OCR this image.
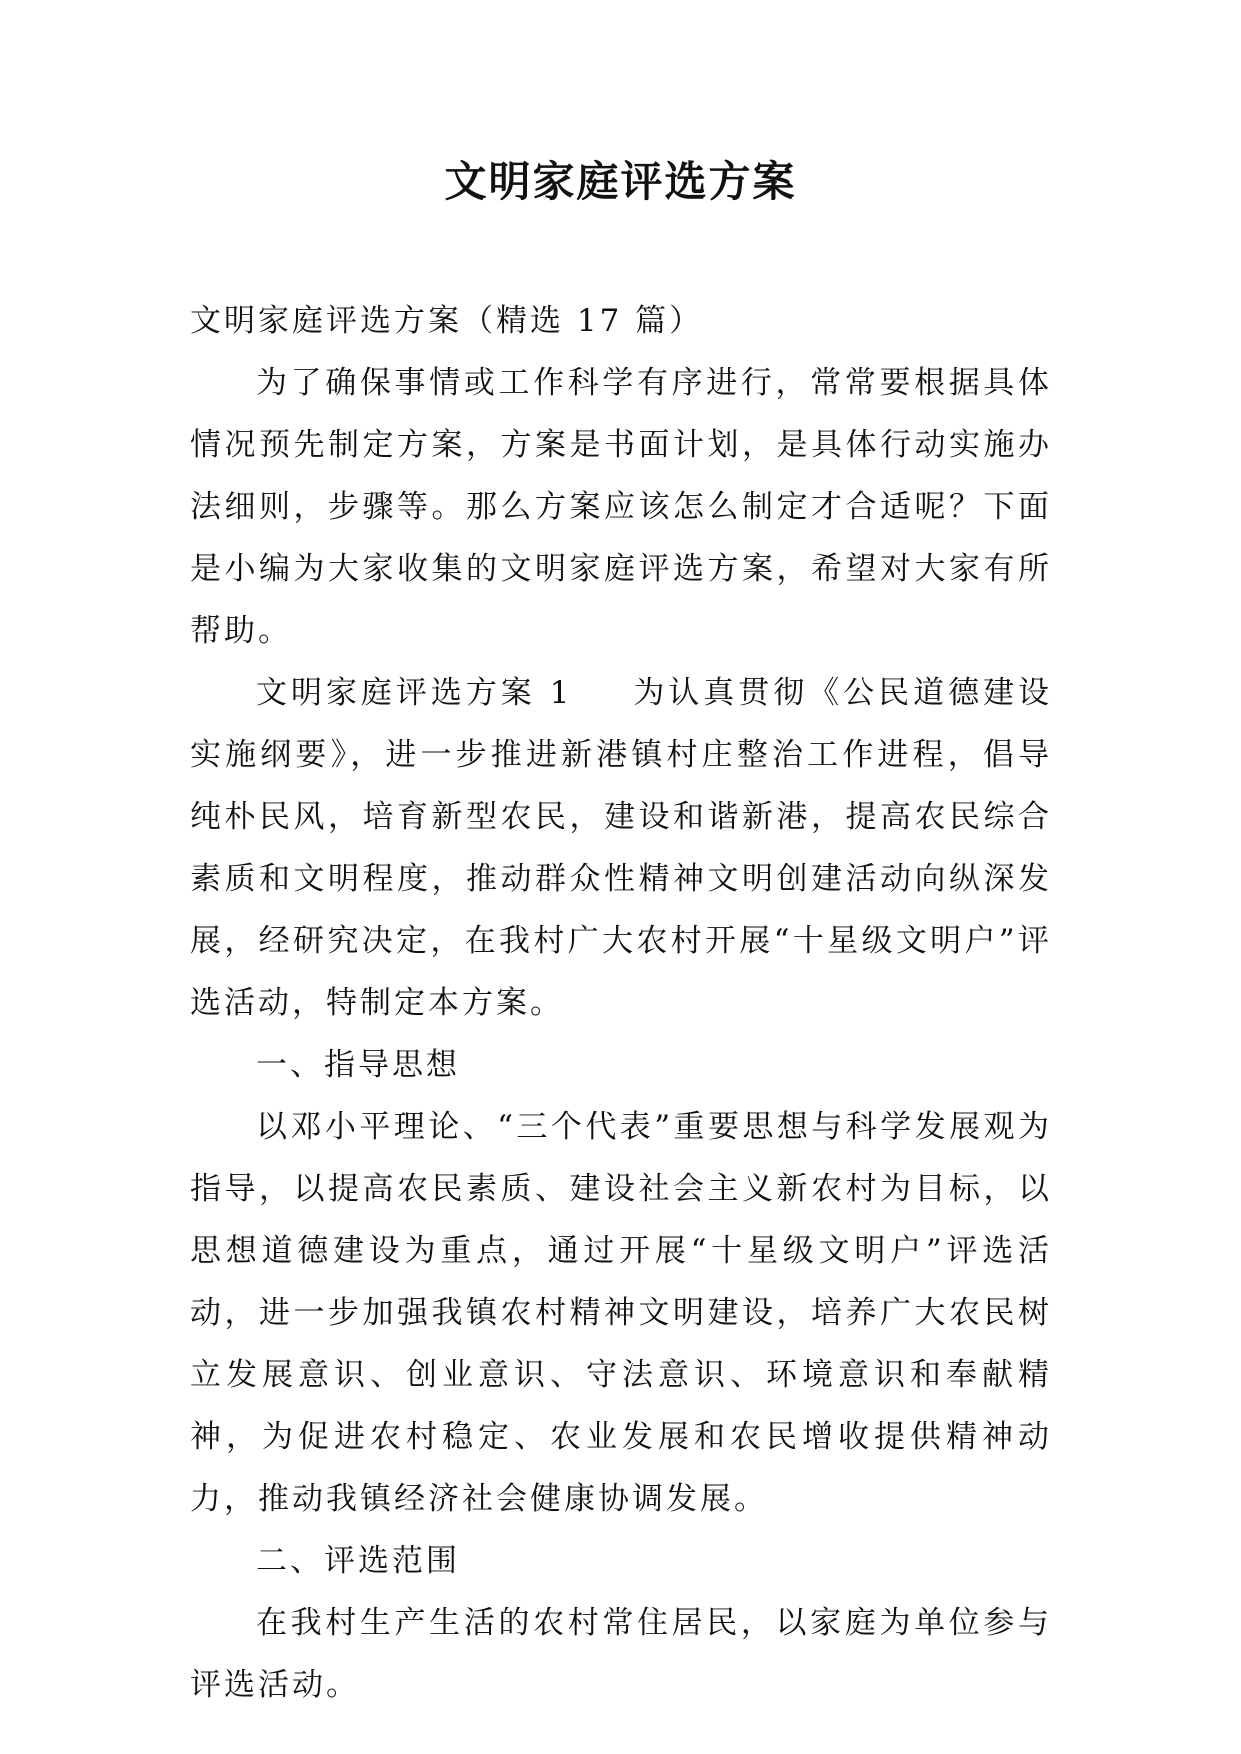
文明家庭评选方案

文明家庭评选方案（精选 17 篇）

为了确保事情或工作科学有序进行，常常要根据具体情况预先制定方案，方案是书面计划，是具体行动实施办法细则，步骤等。那么方案应该怎么制定才合适呢？下面是小编为大家收集的文明家庭评选方案，希望对大家有所帮助。

文明家庭评选方案 1 为认真贯彻《公民道德建设实施纲要》，进一步推进新港镇村庄整治工作进程，倡导纯朴民风，培育新型农民，建设和谐新港，提高农民综合素质和文明程度，推动群众性精神文明创建活动向纵深发展，经研究决定，在我村广大农村开展“十星级文明户”评选活动，特制定本方案。

一、指导思想

以邓小平理论、“三个代表”重要思想与科学发展观为指导，以提高农民素质、建设社会主义新农村为目标，以思想道德建设为重点，通过开展“十星级文明户”评选活动，进一步加强我镇农村精神文明建设，培养广大农民树立发展意识、创业意识、守法意识、环境意识和奉献精神，为促进农村稳定、农业发展和农民增收提供精神动力，推动我镇经济社会健康协调发展。

二、评选范围

在我村生产生活的农村常住居民，以家庭为单位参与评选活动。
